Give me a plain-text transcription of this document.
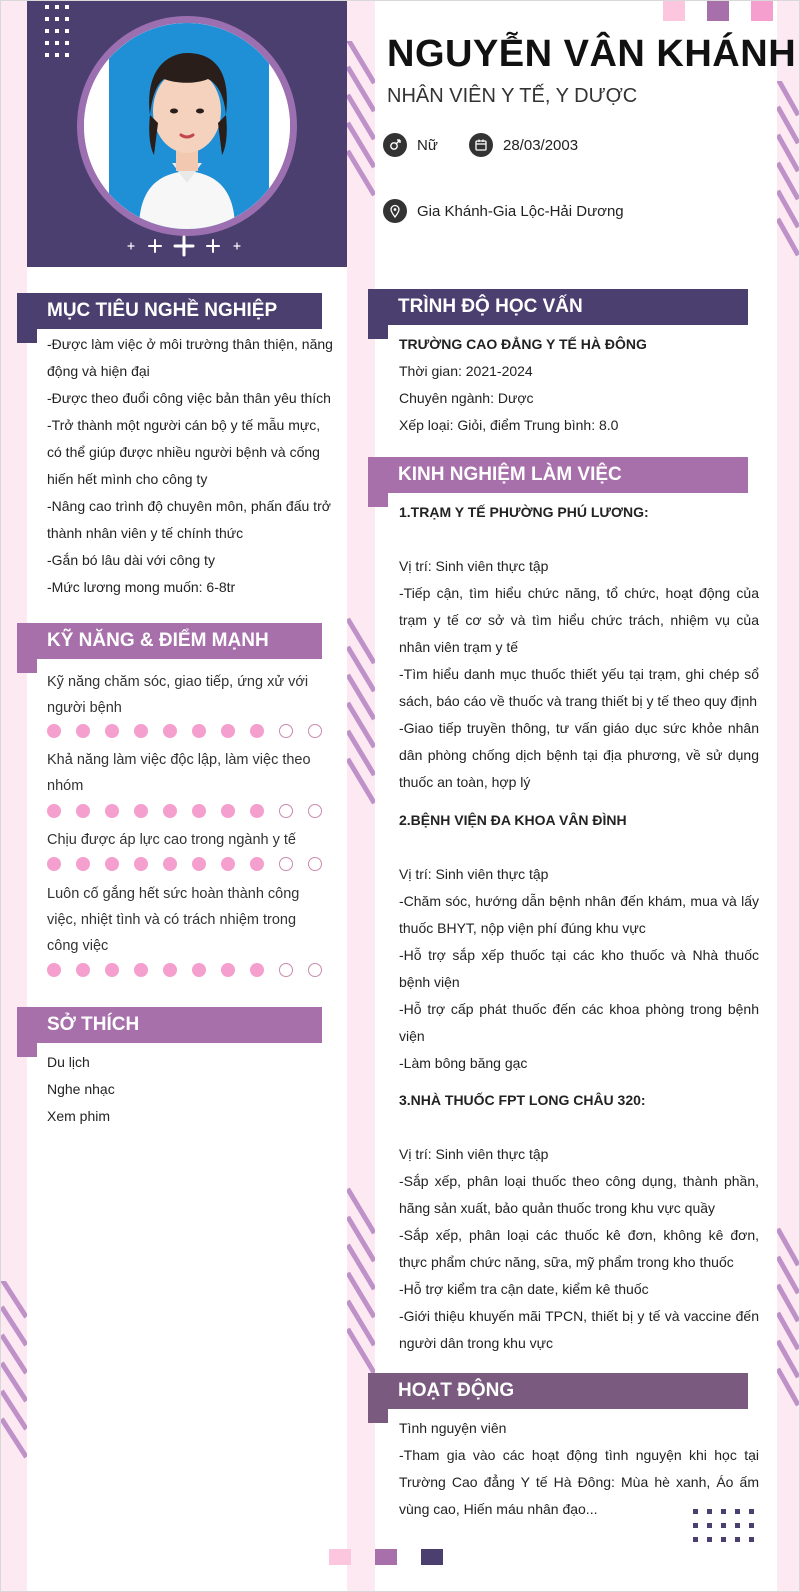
NGUYỄN VÂN KHÁNH
NHÂN VIÊN Y TẾ, Y DƯỢC
Nữ	28/03/2003
Gia Khánh-Gia Lộc-Hải Dương
MỤC TIÊU NGHỀ NGHIỆP

-Được làm việc ở môi trường thân thiện, năng động và hiện đại

-Được theo đuổi công việc bản thân yêu thích

-Trở thành một người cán bộ y tế mẫu mực, có thể giúp được nhiều người bệnh và cống hiến hết mình cho công ty

-Nâng cao trình độ chuyên môn, phấn đấu trở thành nhân viên y tế chính thức

-Gắn bó lâu dài với công ty

-Mức lương mong muốn: 6-8tr

KỸ NĂNG & ĐIỂM MẠNH
Kỹ năng chăm sóc, giao tiếp, ứng xử với người bệnh
Khả năng làm việc độc lập, làm việc theo nhóm
Chịu được áp lực cao trong ngành y tế
Luôn cố gắng hết sức hoàn thành công việc, nhiệt tình và có trách nhiệm trong công việc
SỞ THÍCH

Du lịch

Nghe nhạc

Xem phim

TRÌNH ĐỘ HỌC VẤN

TRƯỜNG CAO ĐẲNG Y TẾ HÀ ĐÔNG

Thời gian: 2021-2024

Chuyên ngành: Dược

Xếp loại: Giỏi, điểm Trung bình: 8.0

KINH NGHIỆM LÀM VIỆC

1.TRẠM Y TẾ PHƯỜNG PHÚ LƯƠNG:

Vị trí: Sinh viên thực tập

-Tiếp cận, tìm hiểu chức năng, tổ chức, hoạt động của trạm y tế cơ sở và tìm hiểu chức trách, nhiệm vụ của nhân viên trạm y tế

-Tìm hiểu danh mục thuốc thiết yếu tại trạm, ghi chép sổ sách, báo cáo về thuốc và trang thiết bị y tế theo quy định

-Giao tiếp truyền thông, tư vấn giáo dục sức khỏe nhân dân phòng chống dịch bệnh tại địa phương, về sử dụng thuốc an toàn, hợp lý

2.BỆNH VIỆN ĐA KHOA VÂN ĐÌNH

Vị trí: Sinh viên thực tập

-Chăm sóc, hướng dẫn bệnh nhân đến khám, mua và lấy thuốc BHYT, nộp viện phí đúng khu vực

-Hỗ trợ sắp xếp thuốc tại các kho thuốc và Nhà thuốc bệnh viện

-Hỗ trợ cấp phát thuốc đến các khoa phòng trong bệnh viện

-Làm bông băng gạc

3.NHÀ THUỐC FPT LONG CHÂU 320:

Vị trí: Sinh viên thực tập

-Sắp xếp, phân loại thuốc theo công dụng, thành phần, hãng sản xuất, bảo quản thuốc trong khu vực quầy

-Sắp xếp, phân loại các thuốc kê đơn, không kê đơn, thực phẩm chức năng, sữa, mỹ phẩm trong kho thuốc

-Hỗ trợ kiểm tra cận date, kiểm kê thuốc

-Giới thiệu khuyến mãi TPCN, thiết bị y tế và vaccine đến người dân trong khu vực

HOẠT ĐỘNG

Tình nguyện viên

-Tham gia vào các hoạt động tình nguyện khi học tại Trường Cao đẳng Y tế Hà Đông: Mùa hè xanh, Áo ấm vùng cao, Hiến máu nhân đạo...
